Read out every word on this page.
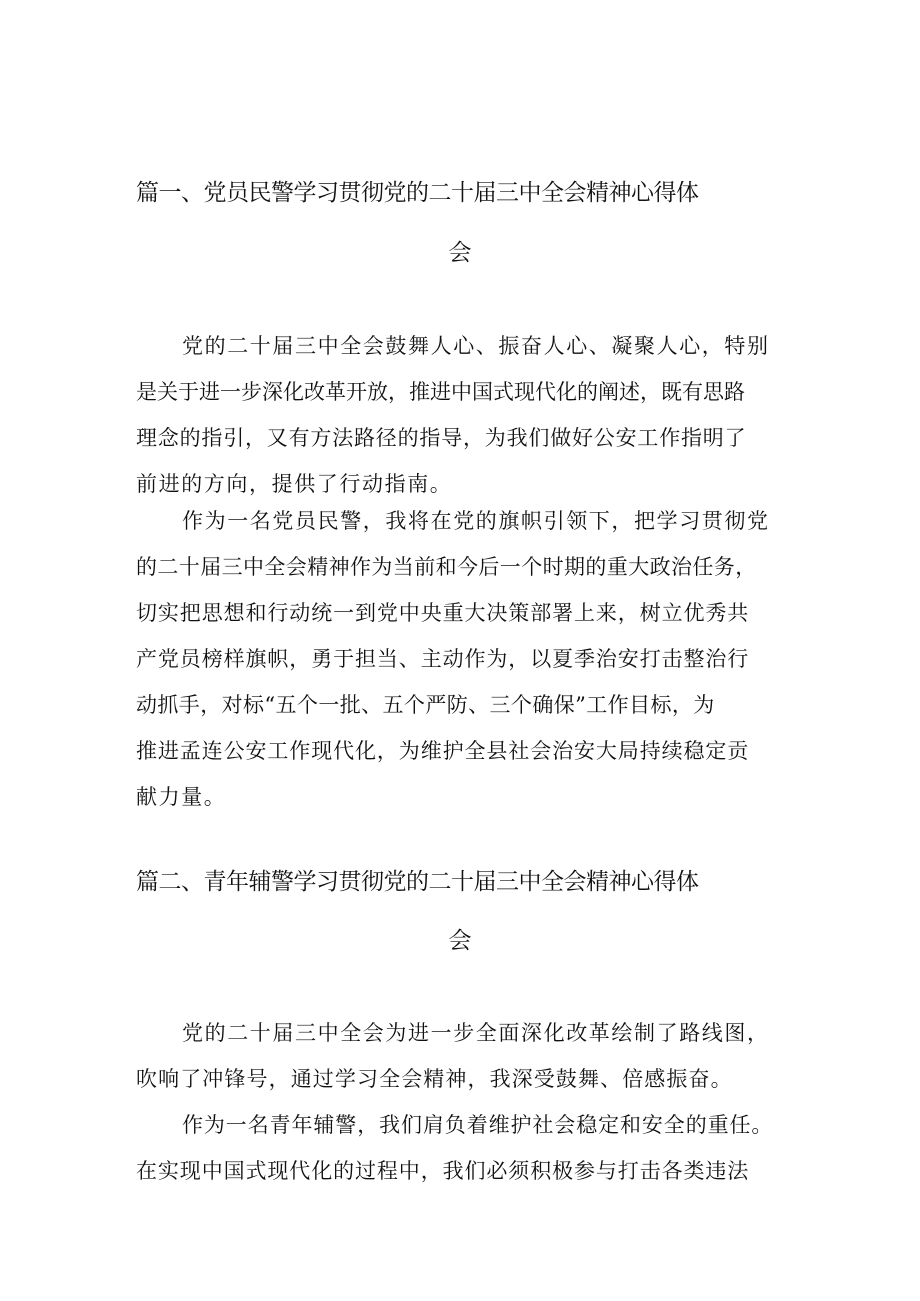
篇一、党员民警学习贯彻党的二十届三中全会精神心得体
会
党的二十届三中全会鼓舞人心、振奋人心、凝聚人心，特别
是关于进一步深化改革开放，推进中国式现代化的阐述，既有思路
理念的指引，又有方法路径的指导，为我们做好公安工作指明了
前进的方向，提供了行动指南。
作为一名党员民警，我将在党的旗帜引领下，把学习贯彻党
的二十届三中全会精神作为当前和今后一个时期的重大政治任务，
切实把思想和行动统一到党中央重大决策部署上来，树立优秀共
产党员榜样旗帜，勇于担当、主动作为，以夏季治安打击整治行
动抓手，对标“五个一批、五个严防、三个确保”工作目标，为
推进孟连公安工作现代化，为维护全县社会治安大局持续稳定贡
献力量。
篇二、青年辅警学习贯彻党的二十届三中全会精神心得体
会
党的二十届三中全会为进一步全面深化改革绘制了路线图，
吹响了冲锋号，通过学习全会精神，我深受鼓舞、倍感振奋。
作为一名青年辅警，我们肩负着维护社会稳定和安全的重任。
在实现中国式现代化的过程中，我们必须积极参与打击各类违法
